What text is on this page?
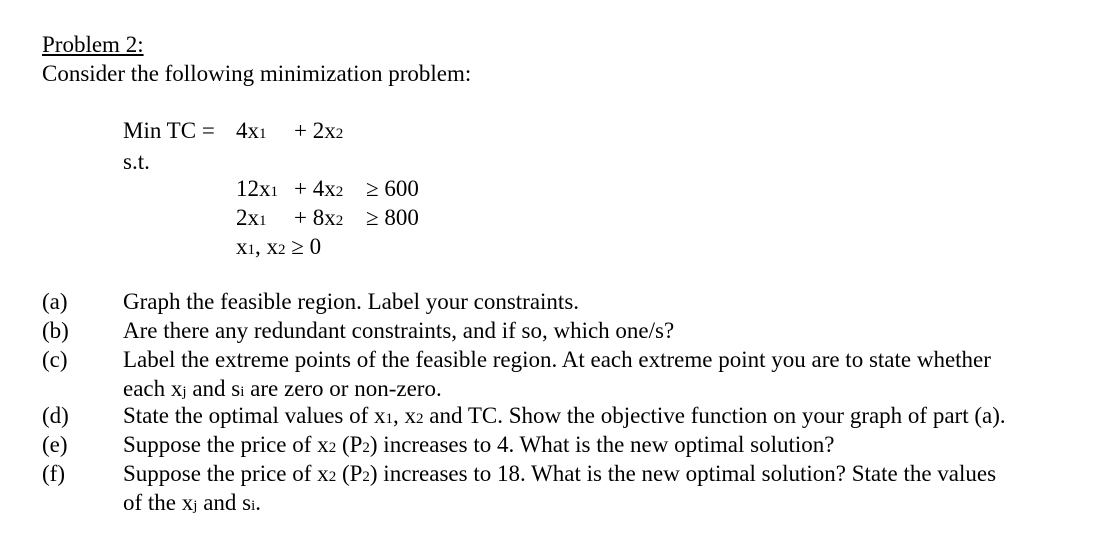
Problem 2:
Consider the following minimization problem:
Min TC = 4x1 + 2x2
s.t.
12x1 + 4x2 ≥ 600
2x1 + 8x2 ≥ 800
x1, x2 ≥ 0
(a) Graph the feasible region. Label your constraints.
(b) Are there any redundant constraints, and if so, which one/s?
(c) Label the extreme points of the feasible region. At each extreme point you are to state whether
each xj and si are zero or non-zero.
(d) State the optimal values of x1, x2 and TC. Show the objective function on your graph of part (a).
(e) Suppose the price of x2 (P2) increases to 4. What is the new optimal solution?
(f)	Suppose the price of x2 (P2) increases to 18. What is the new optimal solution? State the values
of the xj and si.
